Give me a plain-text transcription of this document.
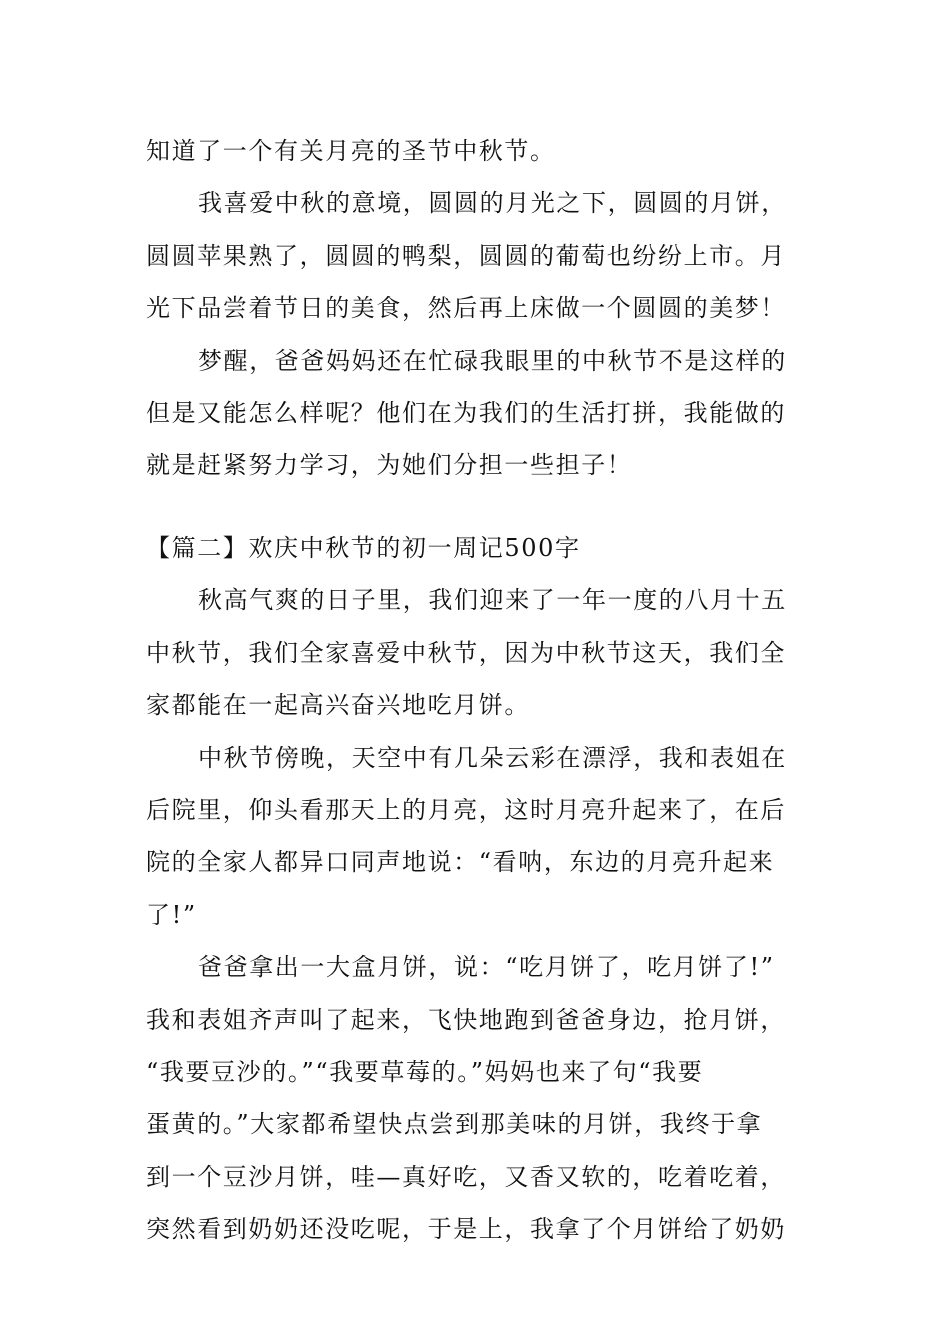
知道了一个有关月亮的圣节中秋节。
我喜爱中秋的意境，圆圆的月光之下，圆圆的月饼，
圆圆苹果熟了，圆圆的鸭梨，圆圆的葡萄也纷纷上市。月
光下品尝着节日的美食，然后再上床做一个圆圆的美梦！
梦醒，爸爸妈妈还在忙碌我眼里的中秋节不是这样的
但是又能怎么样呢？他们在为我们的生活打拼，我能做的
就是赶紧努力学习，为她们分担一些担子！
【篇二】欢庆中秋节的初一周记500字
秋高气爽的日子里，我们迎来了一年一度的八月十五
中秋节，我们全家喜爱中秋节，因为中秋节这天，我们全
家都能在一起高兴奋兴地吃月饼。
中秋节傍晚，天空中有几朵云彩在漂浮，我和表姐在
后院里，仰头看那天上的月亮，这时月亮升起来了，在后
院的全家人都异口同声地说：“看呐，东边的月亮升起来
了!”
爸爸拿出一大盒月饼，说：“吃月饼了，吃月饼了!”
我和表姐齐声叫了起来，飞快地跑到爸爸身边，抢月饼，
“我要豆沙的。”“我要草莓的。”妈妈也来了句“我要
蛋黄的。”大家都希望快点尝到那美味的月饼，我终于拿
到一个豆沙月饼，哇—真好吃，又香又软的，吃着吃着，
突然看到奶奶还没吃呢，于是上，我拿了个月饼给了奶奶
